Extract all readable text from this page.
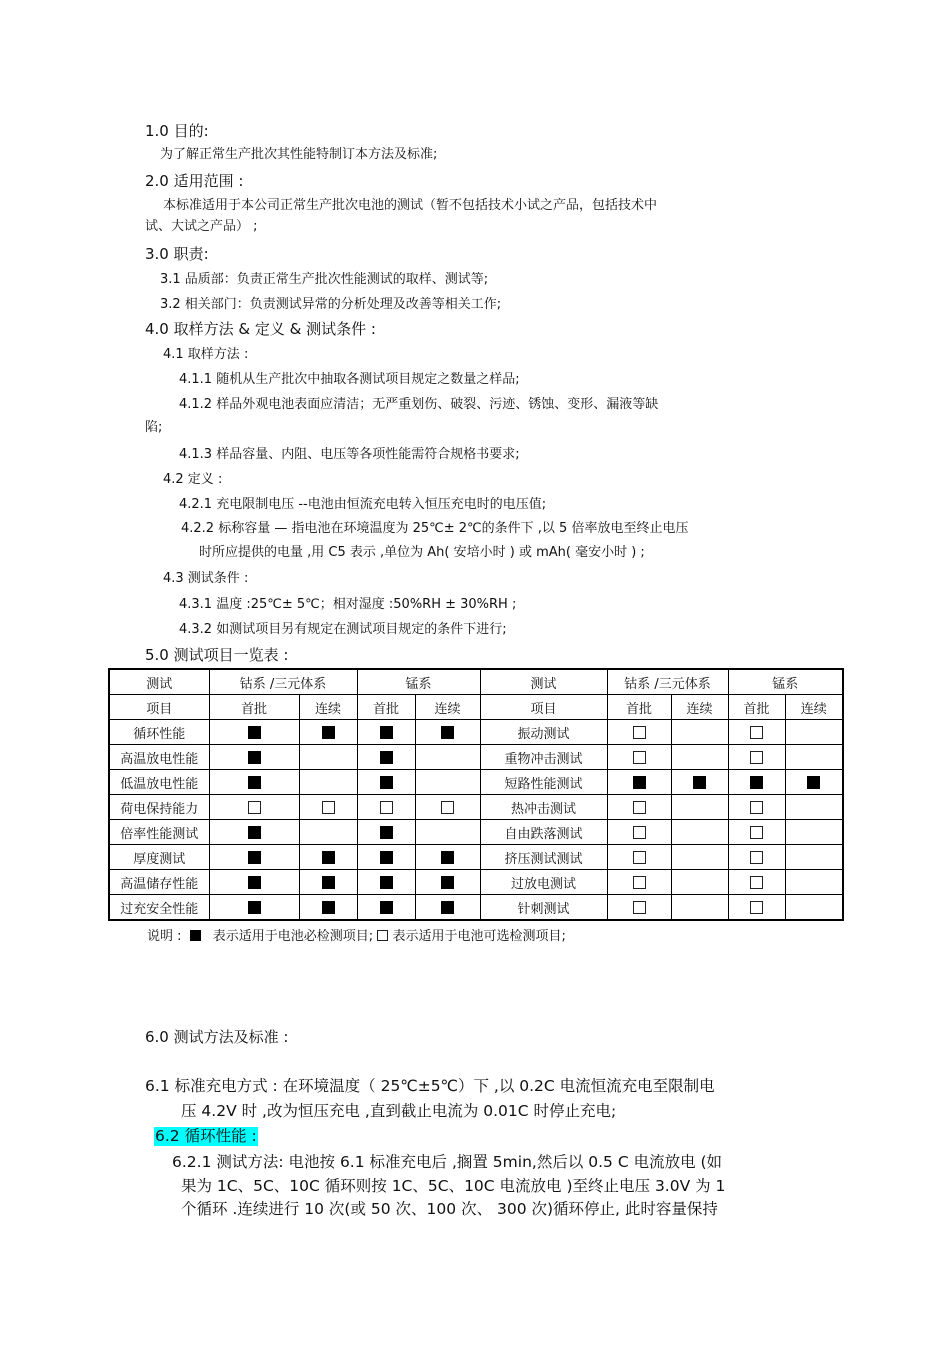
1.0 目的:
为了解正常生产批次其性能特制订本方法及标准;
2.0 适用范围 :
本标准适用于本公司正常生产批次电池的测试（暂不包括技术小试之产品，包括技术中
试、大试之产品） ;
3.0 职责:
3.1 品质部：负责正常生产批次性能测试的取样、测试等;
3.2 相关部门：负责测试异常的分析处理及改善等相关工作;
4.0 取样方法 & 定义 & 测试条件 :
4.1 取样方法 :
4.1.1 随机从生产批次中抽取各测试项目规定之数量之样品;
4.1.2 样品外观电池表面应清洁；无严重划伤、破裂、污迹、锈蚀、变形、漏液等缺
陷;
4.1.3 样品容量、内阻、电压等各项性能需符合规格书要求;
4.2 定义 :
4.2.1 充电限制电压 --电池由恒流充电转入恒压充电时的电压值;
4.2.2 标称容量 — 指电池在环境温度为 25℃± 2℃的条件下 ,以 5 倍率放电至终止电压
时所应提供的电量 ,用 C5 表示 ,单位为 Ah( 安培小时 ) 或 mAh( 毫安小时 ) ;
4.3 测试条件 :
4.3.1 温度 :25℃± 5℃；相对湿度 :50%RH ± 30%RH ;
4.3.2 如测试项目另有规定在测试项目规定的条件下进行;
5.0 测试项目一览表 :
测试	钴系 /三元体系		锰系		测试	钴系 /三元体系		锰系	
项目	首批	连续	首批	连续	项目	首批	连续	首批	连续
循环性能					振动测试				
高温放电性能					重物冲击测试				
低温放电性能					短路性能测试				
荷电保持能力					热冲击测试				
倍率性能测试					自由跌落测试				
厚度测试					挤压测试测试				
高温储存性能					过放电测试				
过充安全性能					针刺测试				
说明 : 表示适用于电池必检测项目; 表示适用于电池可选检测项目;
6.0 测试方法及标准 :
6.1 标准充电方式 : 在环境温度（ 25℃±5℃）下 ,以 0.2C 电流恒流充电至限制电
压 4.2V 时 ,改为恒压充电 ,直到截止电流为 0.01C 时停止充电;
6.2 循环性能 :
6.2.1 测试方法: 电池按 6.1 标准充电后 ,搁置 5min,然后以 0.5 C 电流放电 (如
果为 1C、5C、10C 循环则按 1C、5C、10C 电流放电 )至终止电压 3.0V 为 1
个循环 .连续进行 10 次(或 50 次、100 次、 300 次)循环停止, 此时容量保持
